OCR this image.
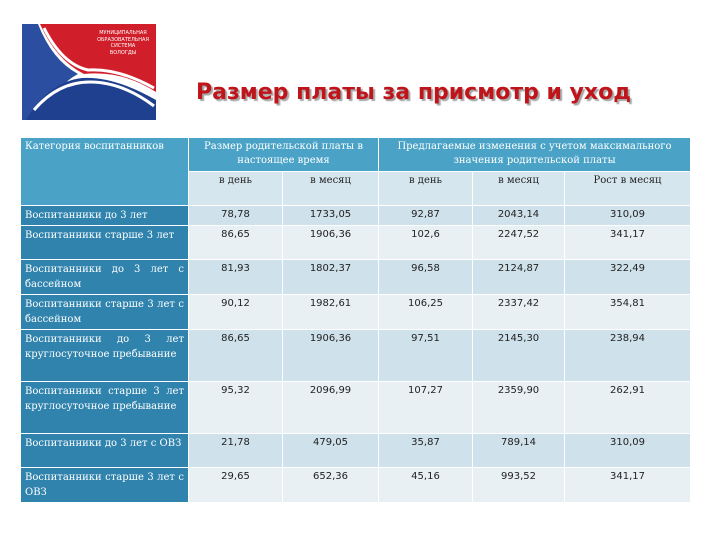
МУНИЦИПАЛЬНАЯ
ОБРАЗОВАТЕЛЬНАЯ
СИСТЕМА
ВОЛОГДЫ
Размер платы за присмотр и уход
Категория воспитанников	Размер родительской платы в настоящее время		Предлагаемые изменения с учетом максимального значения родительской платы		
	в день	в месяц	в день	в месяц	Рост в месяц
Воспитанники до 3 лет	78,78	1733,05	92,87	2043,14	310,09
Воспитанники старше 3 лет	86,65	1906,36	102,6	2247,52	341,17
Воспитанники до 3 лет с бассейном	81,93	1802,37	96,58	2124,87	322,49
Воспитанники старше 3 лет с бассейном	90,12	1982,61	106,25	2337,42	354,81
Воспитанники до 3 лет круглосуточное пребывание	86,65	1906,36	97,51	2145,30	238,94
Воспитанники старше 3 лет круглосуточное пребывание	95,32	2096,99	107,27	2359,90	262,91
Воспитанники до 3 лет с ОВЗ	21,78	479,05	35,87	789,14	310,09
Воспитанники старше 3 лет с ОВЗ	29,65	652,36	45,16	993,52	341,17
